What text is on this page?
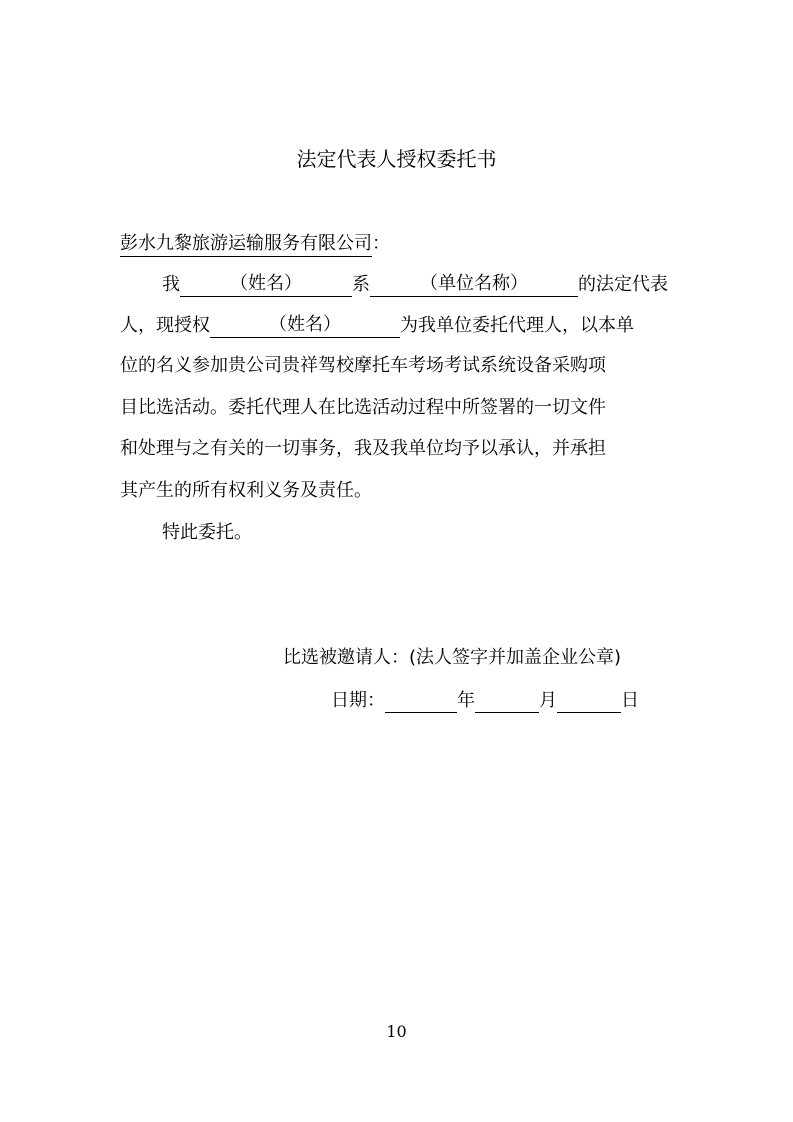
法定代表人授权委托书
彭水九黎旅游运输服务有限公司：
我	（姓名）	系	（单位名称）	的法定代表
人，现授权	（姓名）	为我单位委托代理人，以本单
位的名义参加贵公司贵祥驾校摩托车考场考试系统设备采购项
目比选活动。委托代理人在比选活动过程中所签署的一切文件
和处理与之有关的一切事务，我及我单位均予以承认，并承担
其产生的所有权利义务及责任。
特此委托。
比选被邀请人：(法人签字并加盖企业公章)
日期：	年	月	日
10
